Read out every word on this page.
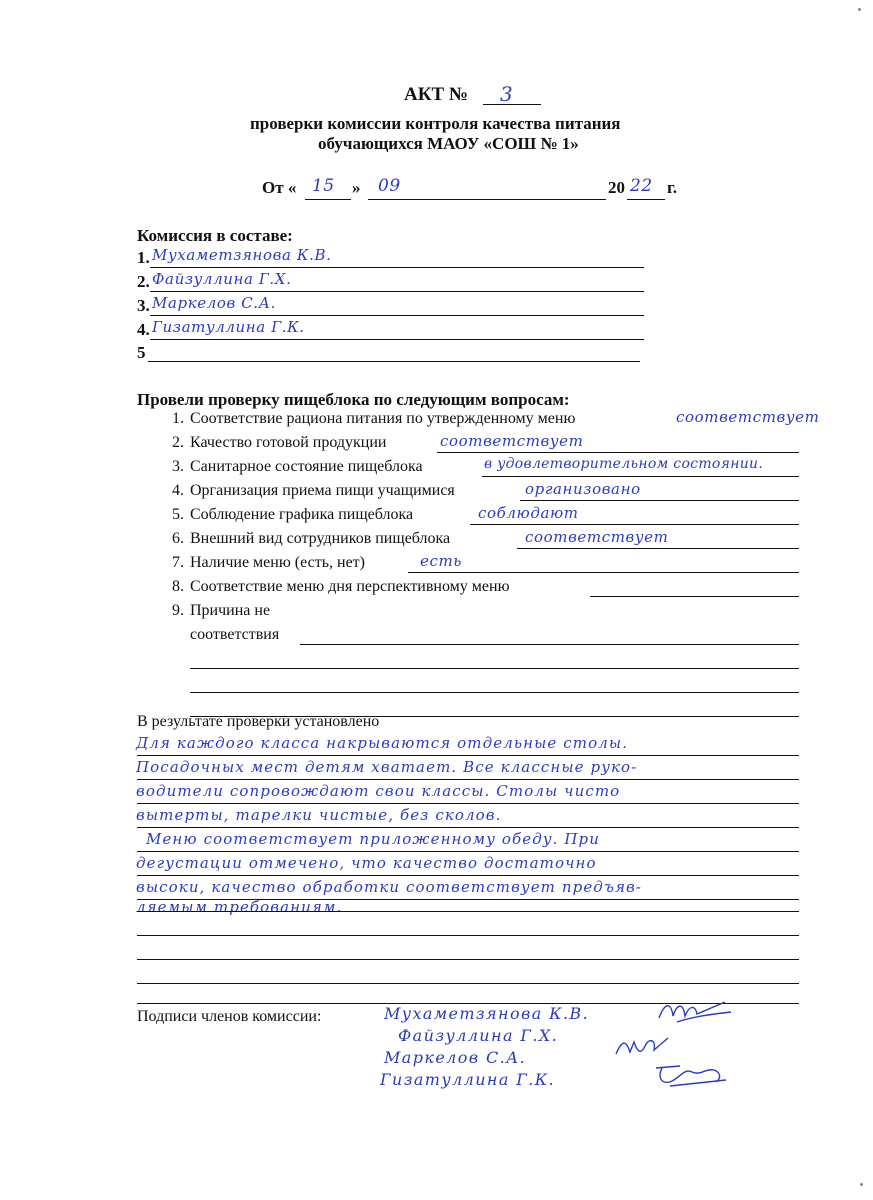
АКТ № 3
проверки комиссии контроля качества питания
обучающихся МАОУ «СОШ № 1»
От « 15 » 09	20 22 г.
Комиссия в составе:
1. Мухаметзянова К.В.
2. Файзуллина Г.Х.
3. Маркелов С.А.
4. Гизатуллина Г.К.
5
Провели проверку пищеблока по следующим вопросам:
1. Соответствие рациона питания по утвержденному меню	соответствует
2. Качество готовой продукции	соответствует
3. Санитарное состояние пищеблока	в удовлетворительном состоянии.
4. Организация приема пищи учащимися	организовано
5. Соблюдение графика пищеблока	соблюдают
6. Внешний вид сотрудников пищеблока	соответствует
7. Наличие меню (есть, нет)	есть
8. Соответствие меню дня перспективному меню
9. Причина не
соответствия
В результате проверки установлено
Для каждого класса накрываются отдельные столы.
Посадочных мест детям хватает. Все классные руко-
водители сопровождают свои классы. Столы чисто
вытерты, тарелки чистые, без сколов.
Меню соответствует приложенному обеду. При
дегустации отмечено, что качество достаточно
высоки, качество обработки соответствует предъяв-
ляемым требованиям.
Подписи членов комиссии:	Мухаметзянова К.В.
Файзуллина Г.Х.
Маркелов С.А.
Гизатуллина Г.К.
